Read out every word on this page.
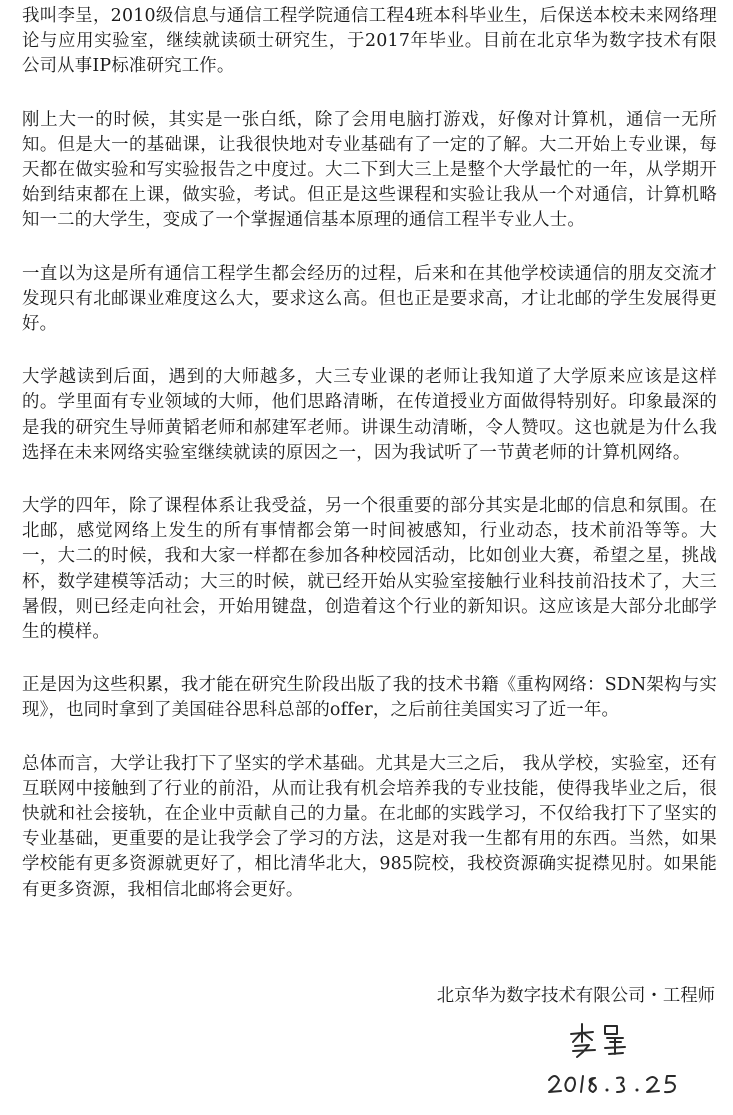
我叫李呈，2010级信息与通信工程学院通信工程4班本科毕业生，后保送本校未来网络理论与应用实验室，继续就读硕士研究生，于2017年毕业。目前在北京华为数字技术有限公司从事IP标准研究工作。

刚上大一的时候，其实是一张白纸，除了会用电脑打游戏，好像对计算机，通信一无所知。但是大一的基础课，让我很快地对专业基础有了一定的了解。大二开始上专业课，每天都在做实验和写实验报告之中度过。大二下到大三上是整个大学最忙的一年，从学期开始到结束都在上课，做实验，考试。但正是这些课程和实验让我从一个对通信，计算机略知一二的大学生，变成了一个掌握通信基本原理的通信工程半专业人士。

一直以为这是所有通信工程学生都会经历的过程，后来和在其他学校读通信的朋友交流才发现只有北邮课业难度这么大，要求这么高。但也正是要求高，才让北邮的学生发展得更好。

大学越读到后面，遇到的大师越多，大三专业课的老师让我知道了大学原来应该是这样的。学里面有专业领域的大师，他们思路清晰，在传道授业方面做得特别好。印象最深的是我的研究生导师黄韬老师和郝建军老师。讲课生动清晰，令人赞叹。这也就是为什么我选择在未来网络实验室继续就读的原因之一，因为我试听了一节黄老师的计算机网络。

大学的四年，除了课程体系让我受益，另一个很重要的部分其实是北邮的信息和氛围。在北邮，感觉网络上发生的所有事情都会第一时间被感知，行业动态，技术前沿等等。大一，大二的时候，我和大家一样都在参加各种校园活动，比如创业大赛，希望之星，挑战杯，数学建模等活动；大三的时候，就已经开始从实验室接触行业科技前沿技术了，大三暑假，则已经走向社会，开始用键盘，创造着这个行业的新知识。这应该是大部分北邮学生的模样。

正是因为这些积累，我才能在研究生阶段出版了我的技术书籍《重构网络：SDN架构与实现》，也同时拿到了美国硅谷思科总部的offer，之后前往美国实习了近一年。

总体而言，大学让我打下了坚实的学术基础。尤其是大三之后， 我从学校，实验室，还有互联网中接触到了行业的前沿，从而让我有机会培养我的专业技能，使得我毕业之后，很快就和社会接轨，在企业中贡献自己的力量。在北邮的实践学习，不仅给我打下了坚实的专业基础，更重要的是让我学会了学习的方法，这是对我一生都有用的东西。当然，如果学校能有更多资源就更好了，相比清华北大，985院校，我校资源确实捉襟见肘。如果能有更多资源，我相信北邮将会更好。

北京华为数字技术有限公司・工程师
